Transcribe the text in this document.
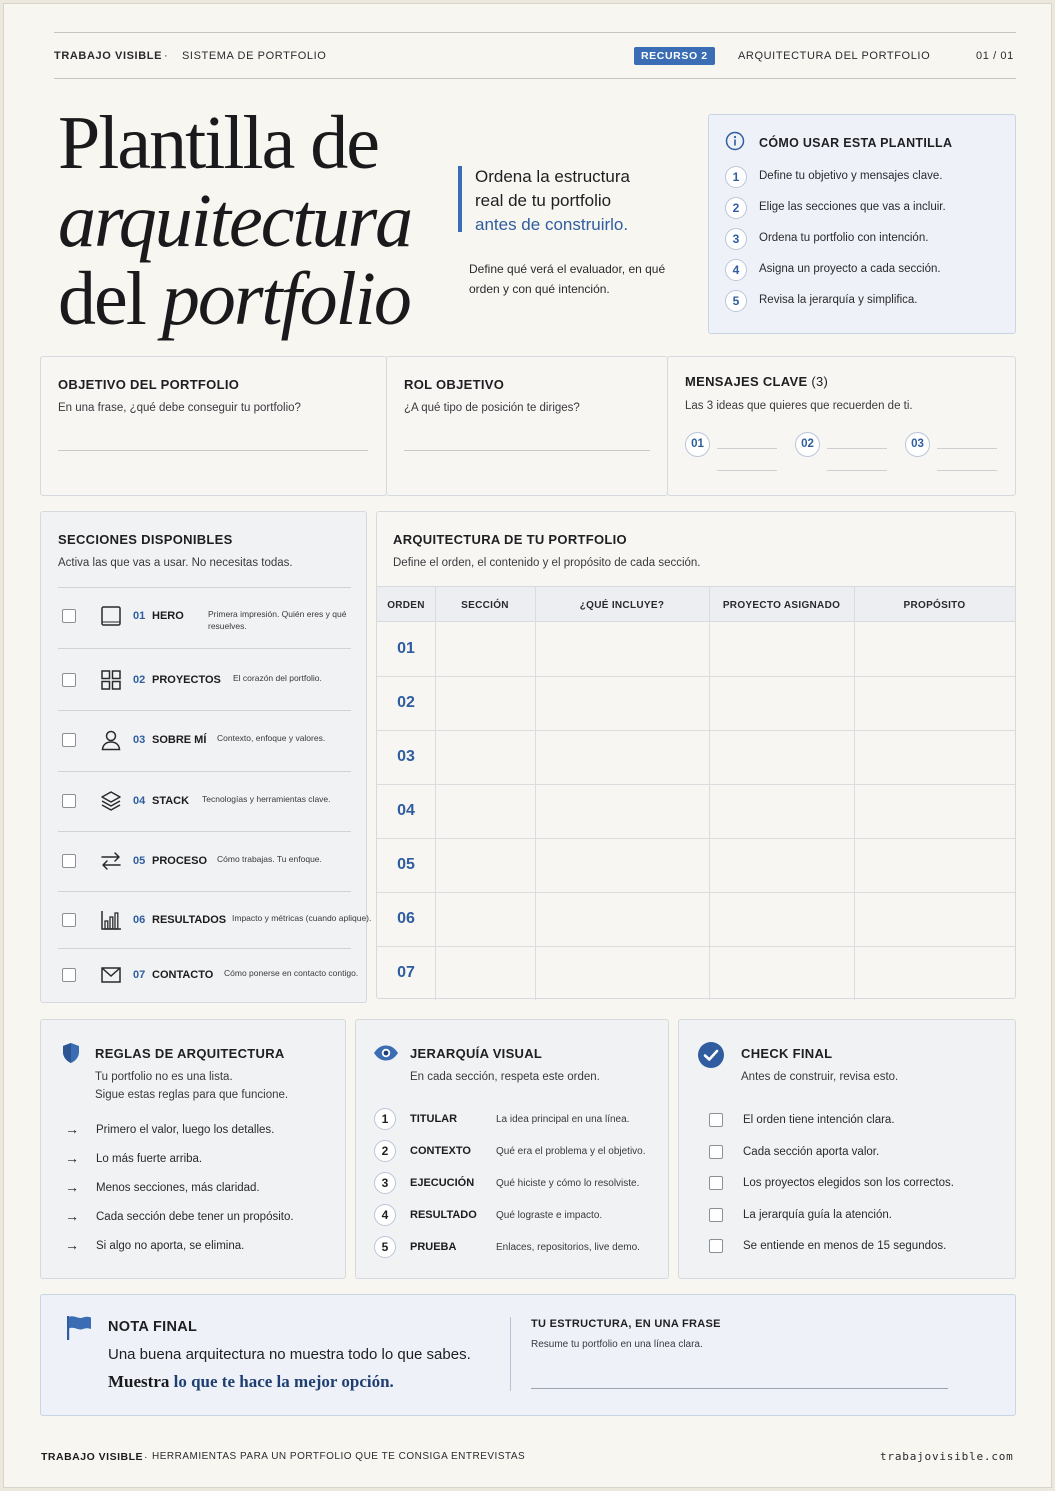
TRABAJO VISIBLE · SISTEMA DE PORTFOLIO	RECURSO 2	ARQUITECTURA DEL PORTFOLIO	01 / 01
Plantilla de
arquitectura
del portfolio
Ordena la estructura
real de tu portfolio
antes de construirlo.
Define qué verá el evaluador, en qué
orden y con qué intención.
CÓMO USAR ESTA PLANTILLA
1	Define tu objetivo y mensajes clave.
2	Elige las secciones que vas a incluir.
3	Ordena tu portfolio con intención.
4	Asigna un proyecto a cada sección.
5	Revisa la jerarquía y simplifica.
OBJETIVO DEL PORTFOLIO
En una frase, ¿qué debe conseguir tu portfolio?
ROL OBJETIVO
¿A qué tipo de posición te diriges?
MENSAJES CLAVE (3)
Las 3 ideas que quieres que recuerden de ti.
01	02	03
SECCIONES DISPONIBLES
Activa las que vas a usar. No necesitas todas.
01 HERO	Primera impresión. Quién eres y qué resuelves.
02 PROYECTOS El corazón del portfolio.
03 SOBRE MÍ Contexto, enfoque y valores.
04 STACK Tecnologías y herramientas clave.
05 PROCESO Cómo trabajas. Tu enfoque.
06 RESULTADOS Impacto y métricas (cuando aplique).
07 CONTACTO Cómo ponerse en contacto contigo.
ARQUITECTURA DE TU PORTFOLIO
Define el orden, el contenido y el propósito de cada sección.
ORDEN	SECCIÓN	¿QUÉ INCLUYE?	PROYECTO ASIGNADO	PROPÓSITO
01
02
03
04
05
06
07
REGLAS DE ARQUITECTURA
Tu portfolio no es una lista.
Sigue estas reglas para que funcione.
→ Primero el valor, luego los detalles.
→ Lo más fuerte arriba.
→ Menos secciones, más claridad.
→ Cada sección debe tener un propósito.
→ Si algo no aporta, se elimina.
JERARQUÍA VISUAL
En cada sección, respeta este orden.
1	TITULAR	La idea principal en una línea.
2	CONTEXTO	Qué era el problema y el objetivo.
3	EJECUCIÓN Qué hiciste y cómo lo resolviste.
4	RESULTADO Qué lograste e impacto.
5	PRUEBA	Enlaces, repositorios, live demo.
CHECK FINAL
Antes de construir, revisa esto.
El orden tiene intención clara.
Cada sección aporta valor.
Los proyectos elegidos son los correctos.
La jerarquía guía la atención.
Se entiende en menos de 15 segundos.
NOTA FINAL
Una buena arquitectura no muestra todo lo que sabes.
Muestra lo que te hace la mejor opción.
TU ESTRUCTURA, EN UNA FRASE
Resume tu portfolio en una línea clara.
TRABAJO VISIBLE · HERRAMIENTAS PARA UN PORTFOLIO QUE TE CONSIGA ENTREVISTAS	trabajovisible.com
